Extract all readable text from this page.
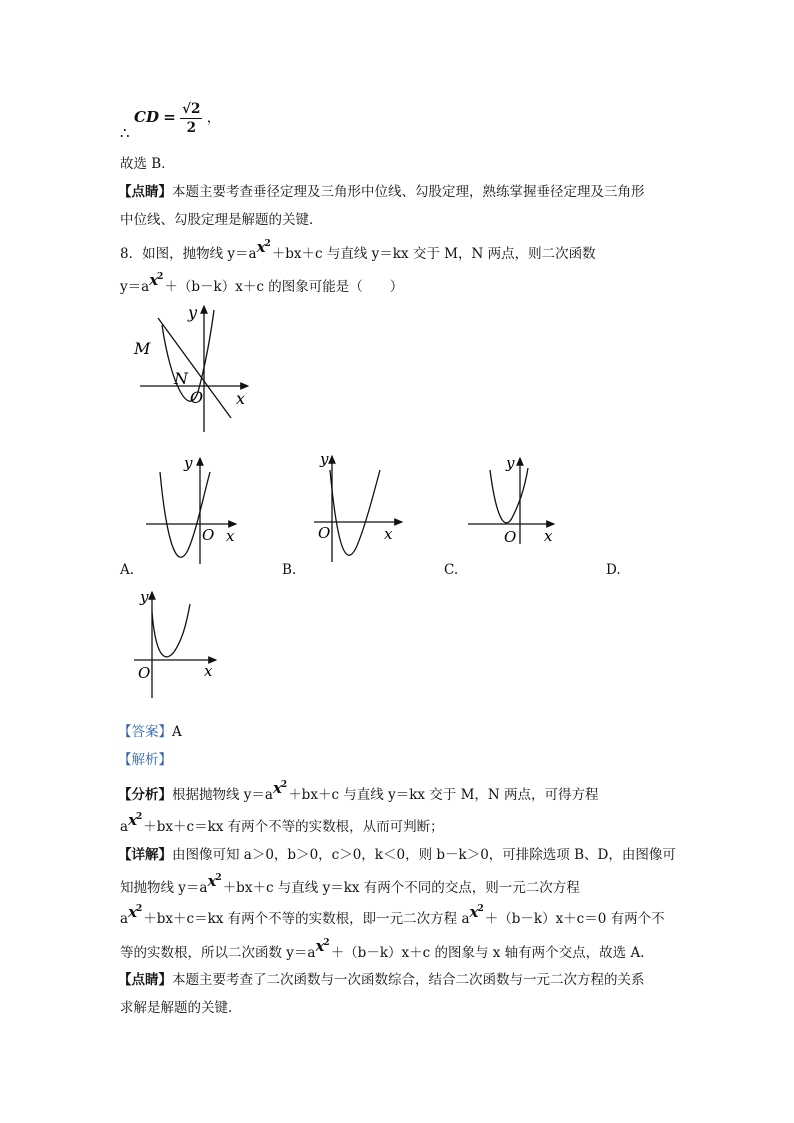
CD = $\frac{√2}{2}$ ，
∴
故选 B．
【点睛】本题主要考查垂径定理及三角形中位线、勾股定理，熟练掌握垂径定理及三角形
中位线、勾股定理是解题的关键．
8．如图，抛物线 $y=ax^2+bx+c$ 与直线 y＝kx 交于 M，N 两点，则二次函数
$y=ax^2+(b-k)x+c$ 的图象可能是（　　）
y
M
N
O x
y
O x
y
O	x
y
O x
A.	B.	C.	D.
y
O	x
【答案】A
【解析】
【分析】根据抛物线 $y=ax^2+bx+c$ 与直线 y＝kx 交于 M，N 两点，可得方程
$ax^2+bx+c=kx$ 有两个不等的实数根，从而可判断；
【详解】由图像可知 a＞0，b＞0，c＞0，k＜0，则 b－k＞0，可排除选项 B、D，由图像可
知抛物线 $y=ax^2+bx+c$ 与直线 y＝kx 有两个不同的交点，则一元二次方程
$ax^2+bx+c=kx$ 有两个不等的实数根，即一元二次方程 $ax^2+(b-k)x+c=0$ 有两个不
等的实数根，所以二次函数 $y=ax^2+(b-k)x+c$ 的图象与 x 轴有两个交点，故选 A．
【点睛】本题主要考查了二次函数与一次函数综合，结合二次函数与一元二次方程的关系
求解是解题的关键．
